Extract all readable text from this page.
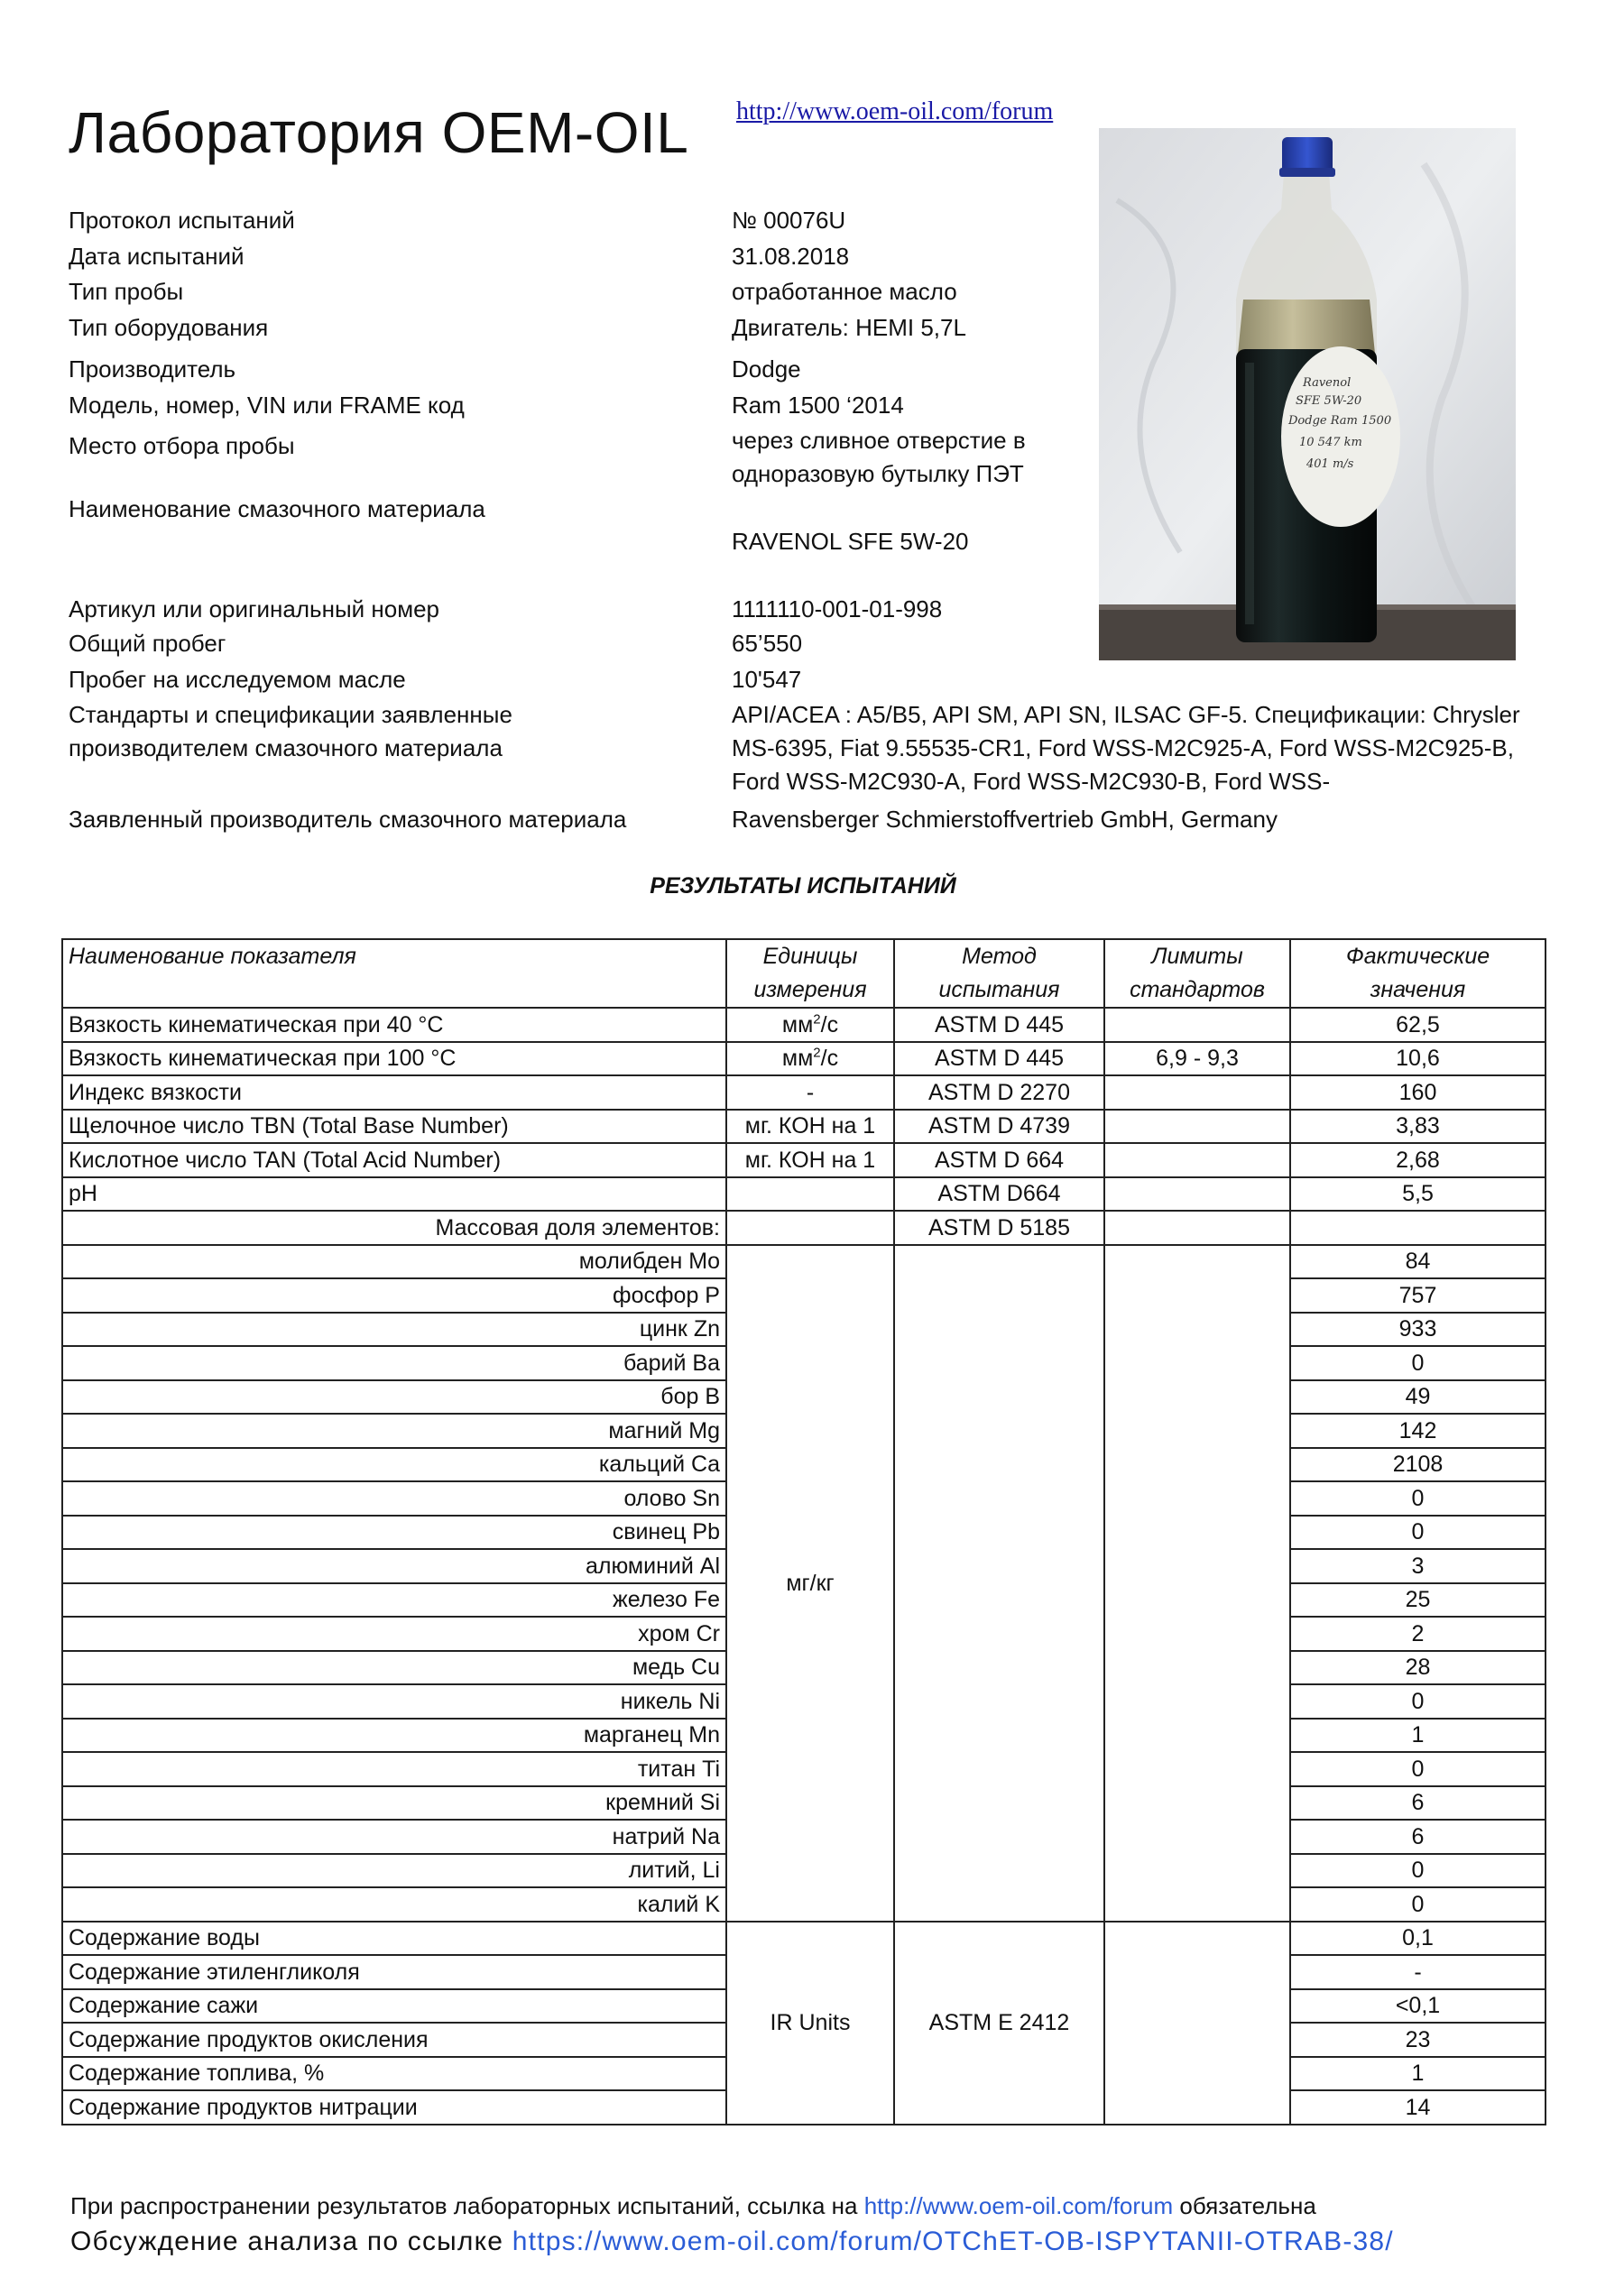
Лаборатория OEM-OIL http://www.oem-oil.com/forum
Ravenol
SFE 5W-20
Dodge Ram 1500
10 547 km
401 m/s
Протокол испытаний	№ 00076U
Дата испытаний	31.08.2018
Тип пробы	отработанное масло
Тип оборудования	Двигатель: HEMI 5,7L
Производитель	Dodge
Модель, номер, VIN или FRAME код	Ram 1500 ‘2014
Место отбора пробы	через сливное отверстие в одноразовую бутылку ПЭТ
Наименование смазочного материала
RAVENOL SFE 5W-20
Артикул или оригинальный номер	1111110-001-01-998
Общий пробег	65’550
Пробег на исследуемом масле	10'547
Стандарты и спецификации заявленные производителем смазочного материала
API/ACEA : A5/B5, API SM, API SN, ILSAC GF-5. Спецификации: Chrysler MS-6395, Fiat 9.55535-CR1, Ford WSS-M2C925-A, Ford WSS-M2C925-B, Ford WSS-M2C930-A, Ford WSS-M2C930-B, Ford WSS-
Заявленный производитель смазочного материала	Ravensberger Schmierstoffvertrieb GmbH, Germany
РЕЗУЛЬТАТЫ ИСПЫТАНИЙ
Наименование показателя	Единицы измерения	Метод испытания	Лимиты стандартов	Фактические значения
Вязкость кинематическая при 40 °С	$мм^2/с$	ASTM D 445		62,5
Вязкость кинематическая при 100 °С	$мм^2/с$	ASTM D 445	6,9 - 9,3	10,6
Индекс вязкости	-	ASTM D 2270		160
Щелочное число TBN (Total Base Number)	мг. КОН на 1	ASTM D 4739		3,83
Кислотное число TAN (Total Acid Number)	мг. КОН на 1	ASTM D 664		2,68
pH		ASTM D664		5,5
Массовая доля элементов:		ASTM D 5185		
молибден Mo	мг/кг			84
фосфор P				757
цинк Zn				933
барий Ba				0
бор B				49
магний Mg				142
кальций Ca				2108
олово Sn				0
свинец Pb				0
алюминий Al				3
железо Fe				25
хром Cr				2
медь Cu				28
никель Ni				0
марганец Mn				1
титан Ti				0
кремний Si				6
натрий Na				6
литий, Li				0
калий K				0
Содержание воды	IR Units	ASTM E 2412		0,1
Содержание этиленгликоля				-
Содержание сажи				<0,1
Содержание продуктов окисления				23
Содержание топлива, %				1
Содержание продуктов нитрации				14
При распространении результатов лабораторных испытаний, ссылка на http://www.oem-oil.com/forum обязательна
Обсуждение анализа по ссылке https://www.oem-oil.com/forum/OTChET-OB-ISPYTANII-OTRAB-38/
